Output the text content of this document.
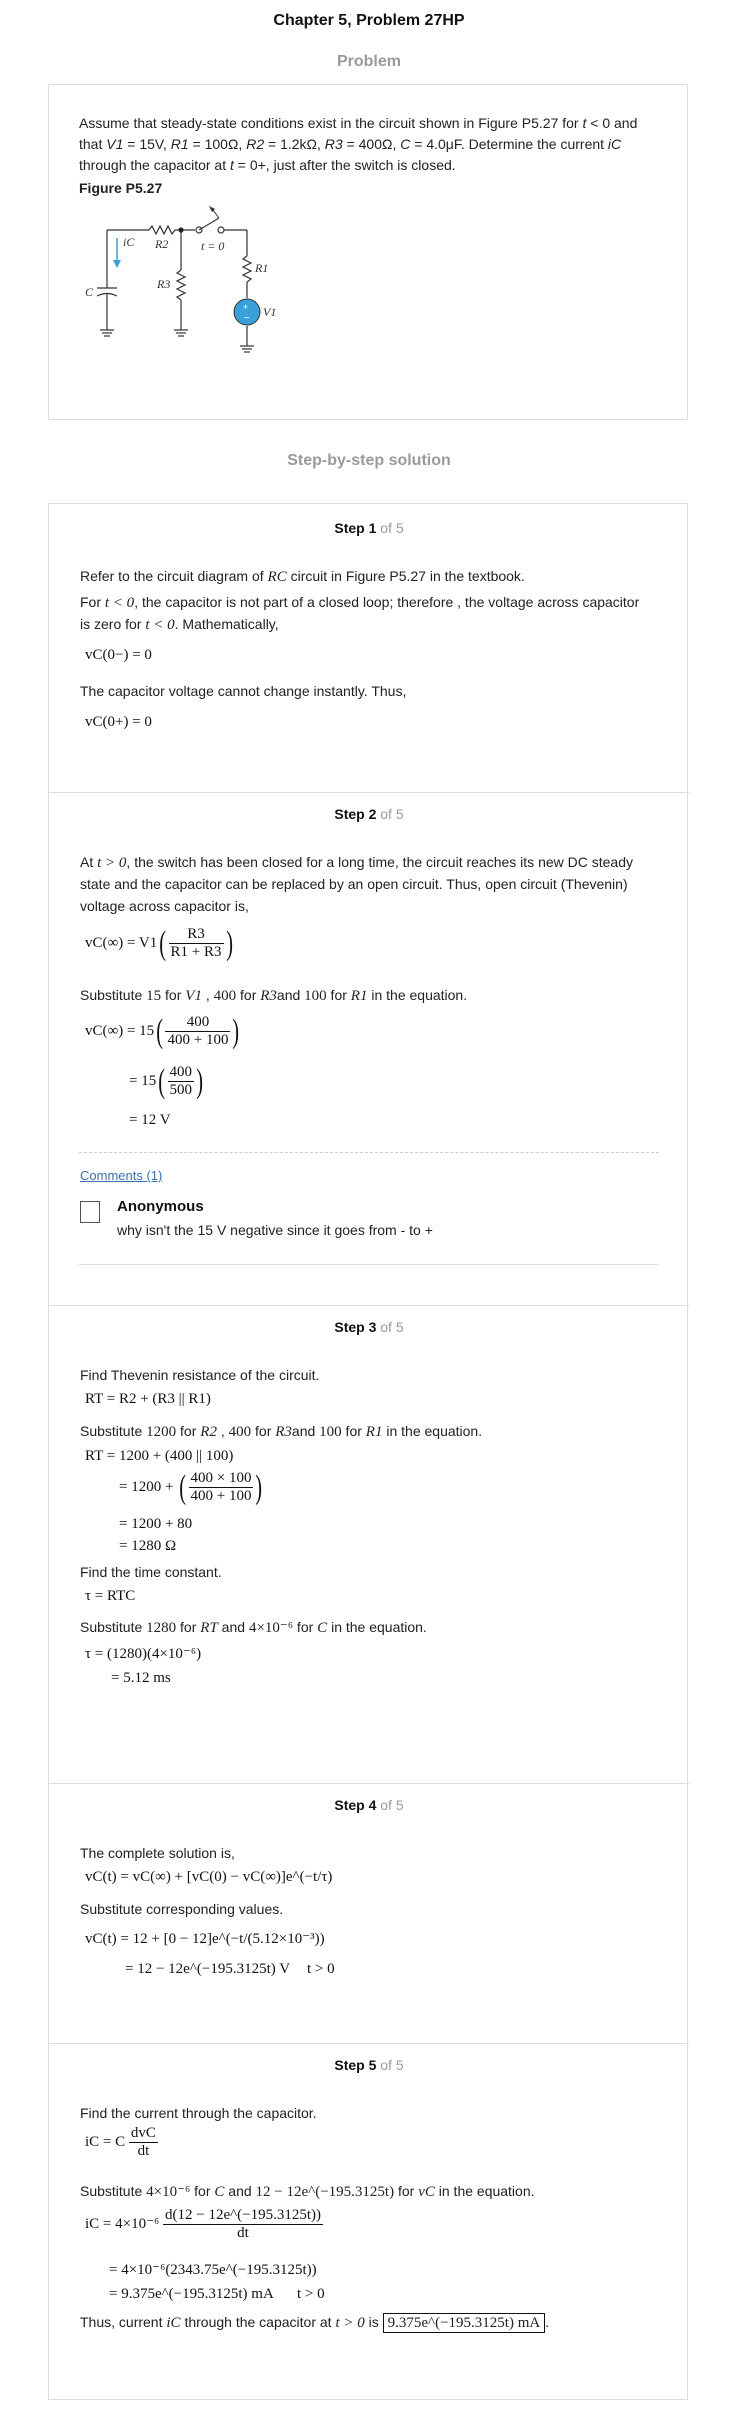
Chapter 5, Problem 27HP
Problem

Assume that steady-state conditions exist in the circuit shown in Figure P5.27 for t < 0 and that V1 = 15V, R1 = 100Ω, R2 = 1.2kΩ, R3 = 400Ω, C = 4.0μF. Determine the current iC through the capacitor at t = 0+, just after the switch is closed.

Figure P5.27
+
−
iC R2
R3
R1
C
t = 0
V1
Step-by-step solution
Step 1 of 5
Refer to the circuit diagram of RC circuit in Figure P5.27 in the textbook.
For t < 0, the capacitor is not part of a closed loop; therefore , the voltage across capacitor
is zero for t < 0. Mathematically,
vC(0−) = 0
The capacitor voltage cannot change instantly. Thus,
vC(0+) = 0
Step 2 of 5
At t > 0, the switch has been closed for a long time, the circuit reaches its new DC steady
state and the capacitor can be replaced by an open circuit. Thus, open circuit (Thevenin)
voltage across capacitor is,
$vC(\infty) = V1( \frac{R3}{R1 + R3}$ )
Substitute 15 for V1 , 400 for R3and 100 for R1 in the equation.
$vC(\infty) = 15( \frac{400}{400 + 100}$ )
= $15( \frac{400}{500}$ )
= 12 V
Comments (1)
Anonymous
why isn't the 15 V negative since it goes from - to +
Step 3 of 5
Find Thevenin resistance of the circuit.
RT = R2 + (R3 || R1)
Substitute 1200 for R2 , 400 for R3and 100 for R1 in the equation.
RT = 1200 + (400 || 100)
= 1200 + ( $\frac{400 \times 100}{400 + 100}$ )
= 1200 + 80
= 1280 Ω
Find the time constant.
τ = RTC
Substitute 1280 for RT and 4×10⁻⁶ for C in the equation.
τ = (1280)(4×10⁻⁶)
= 5.12 ms
Step 4 of 5
The complete solution is,
vC(t) = vC(∞) + [vC(0) − vC(∞)]e^(−t/τ)
Substitute corresponding values.
vC(t) = 12 + [0 − 12]e^(−t/(5.12×10⁻³))
= 12 − 12e^(−195.3125t) V t > 0
Step 5 of 5
Find the current through the capacitor.
iC = C $\frac{\text{dvC}}{dt}$
Substitute 4×10⁻⁶ for C and 12 − 12e^(−195.3125t) for vC in the equation.
iC = $4\times 10^{-6} \frac{d(12 - 12e\^{}(-195.3125t))}{dt}$
= 4×10⁻⁶(2343.75e^(−195.3125t))
= 9.375e^(−195.3125t) mA t > 0
Thus, current iC through the capacitor at t > 0 is 9.375e^(−195.3125t) mA .
